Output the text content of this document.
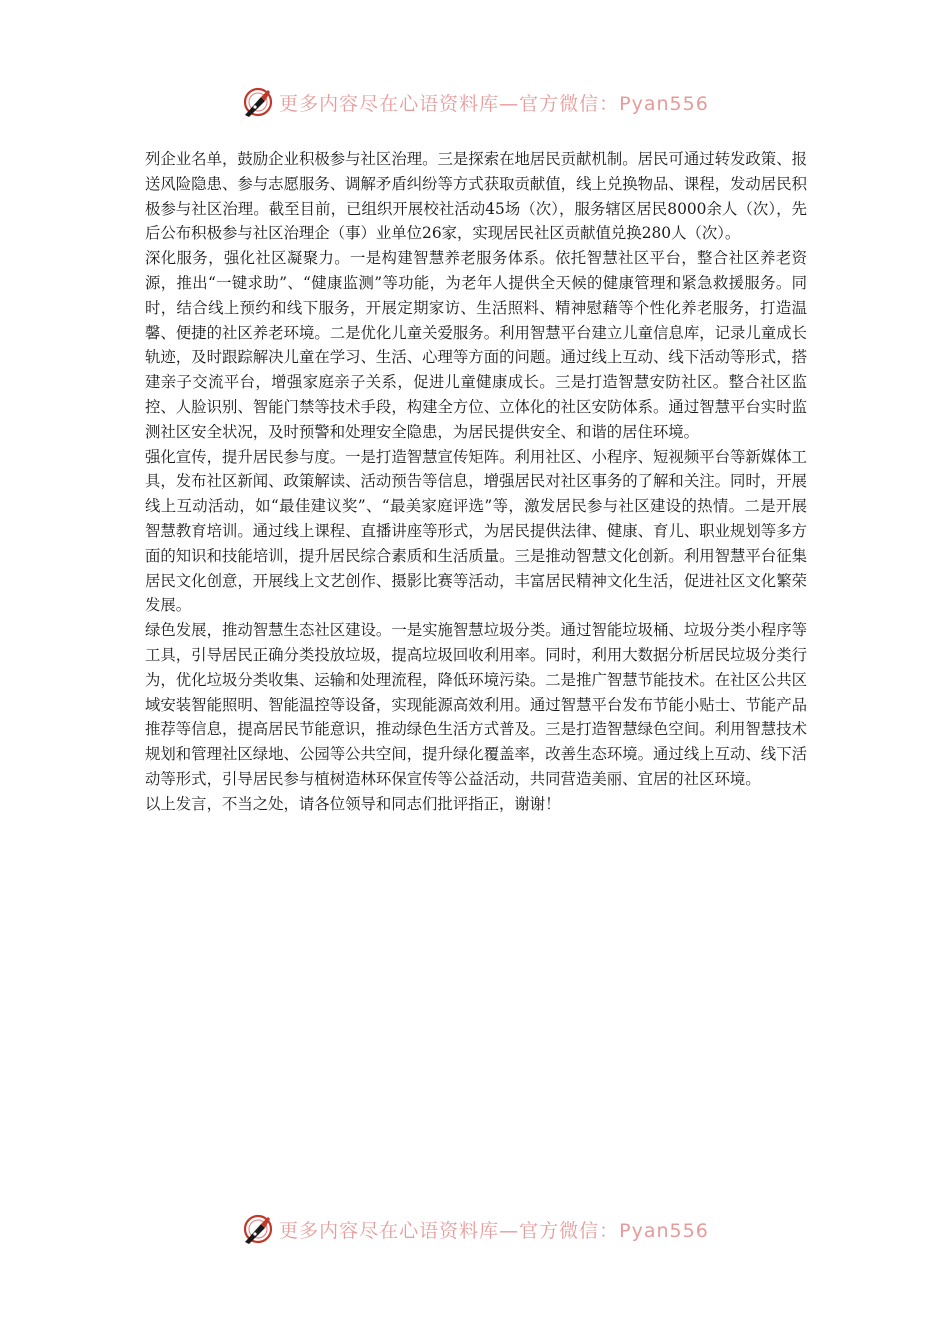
更多内容尽在心语资料库—官方微信：Pyan556

列企业名单，鼓励企业积极参与社区治理。三是探索在地居民贡献机制。居民可通过转发政策、报送风险隐患、参与志愿服务、调解矛盾纠纷等方式获取贡献值，线上兑换物品、课程，发动居民积极参与社区治理。截至目前，已组织开展校社活动45场（次），服务辖区居民8000余人（次），先后公布积极参与社区治理企（事）业单位26家，实现居民社区贡献值兑换280人（次）。

深化服务，强化社区凝聚力。一是构建智慧养老服务体系。依托智慧社区平台，整合社区养老资源，推出“一键求助”、“健康监测”等功能，为老年人提供全天候的健康管理和紧急救援服务。同时，结合线上预约和线下服务，开展定期家访、生活照料、精神慰藉等个性化养老服务，打造温馨、便捷的社区养老环境。二是优化儿童关爱服务。利用智慧平台建立儿童信息库，记录儿童成长轨迹，及时跟踪解决儿童在学习、生活、心理等方面的问题。通过线上互动、线下活动等形式，搭建亲子交流平台，增强家庭亲子关系，促进儿童健康成长。三是打造智慧安防社区。整合社区监控、人脸识别、智能门禁等技术手段，构建全方位、立体化的社区安防体系。通过智慧平台实时监测社区安全状况，及时预警和处理安全隐患，为居民提供安全、和谐的居住环境。

强化宣传，提升居民参与度。一是打造智慧宣传矩阵。利用社区、小程序、短视频平台等新媒体工具，发布社区新闻、政策解读、活动预告等信息，增强居民对社区事务的了解和关注。同时，开展线上互动活动，如“最佳建议奖”、“最美家庭评选”等，激发居民参与社区建设的热情。二是开展智慧教育培训。通过线上课程、直播讲座等形式，为居民提供法律、健康、育儿、职业规划等多方面的知识和技能培训，提升居民综合素质和生活质量。三是推动智慧文化创新。利用智慧平台征集居民文化创意，开展线上文艺创作、摄影比赛等活动，丰富居民精神文化生活，促进社区文化繁荣发展。

绿色发展，推动智慧生态社区建设。一是实施智慧垃圾分类。通过智能垃圾桶、垃圾分类小程序等工具，引导居民正确分类投放垃圾，提高垃圾回收利用率。同时，利用大数据分析居民垃圾分类行为，优化垃圾分类收集、运输和处理流程，降低环境污染。二是推广智慧节能技术。在社区公共区域安装智能照明、智能温控等设备，实现能源高效利用。通过智慧平台发布节能小贴士、节能产品推荐等信息，提高居民节能意识，推动绿色生活方式普及。三是打造智慧绿色空间。利用智慧技术规划和管理社区绿地、公园等公共空间，提升绿化覆盖率，改善生态环境。通过线上互动、线下活动等形式，引导居民参与植树造林环保宣传等公益活动，共同营造美丽、宜居的社区环境。

以上发言，不当之处，请各位领导和同志们批评指正，谢谢！

更多内容尽在心语资料库—官方微信：Pyan556
